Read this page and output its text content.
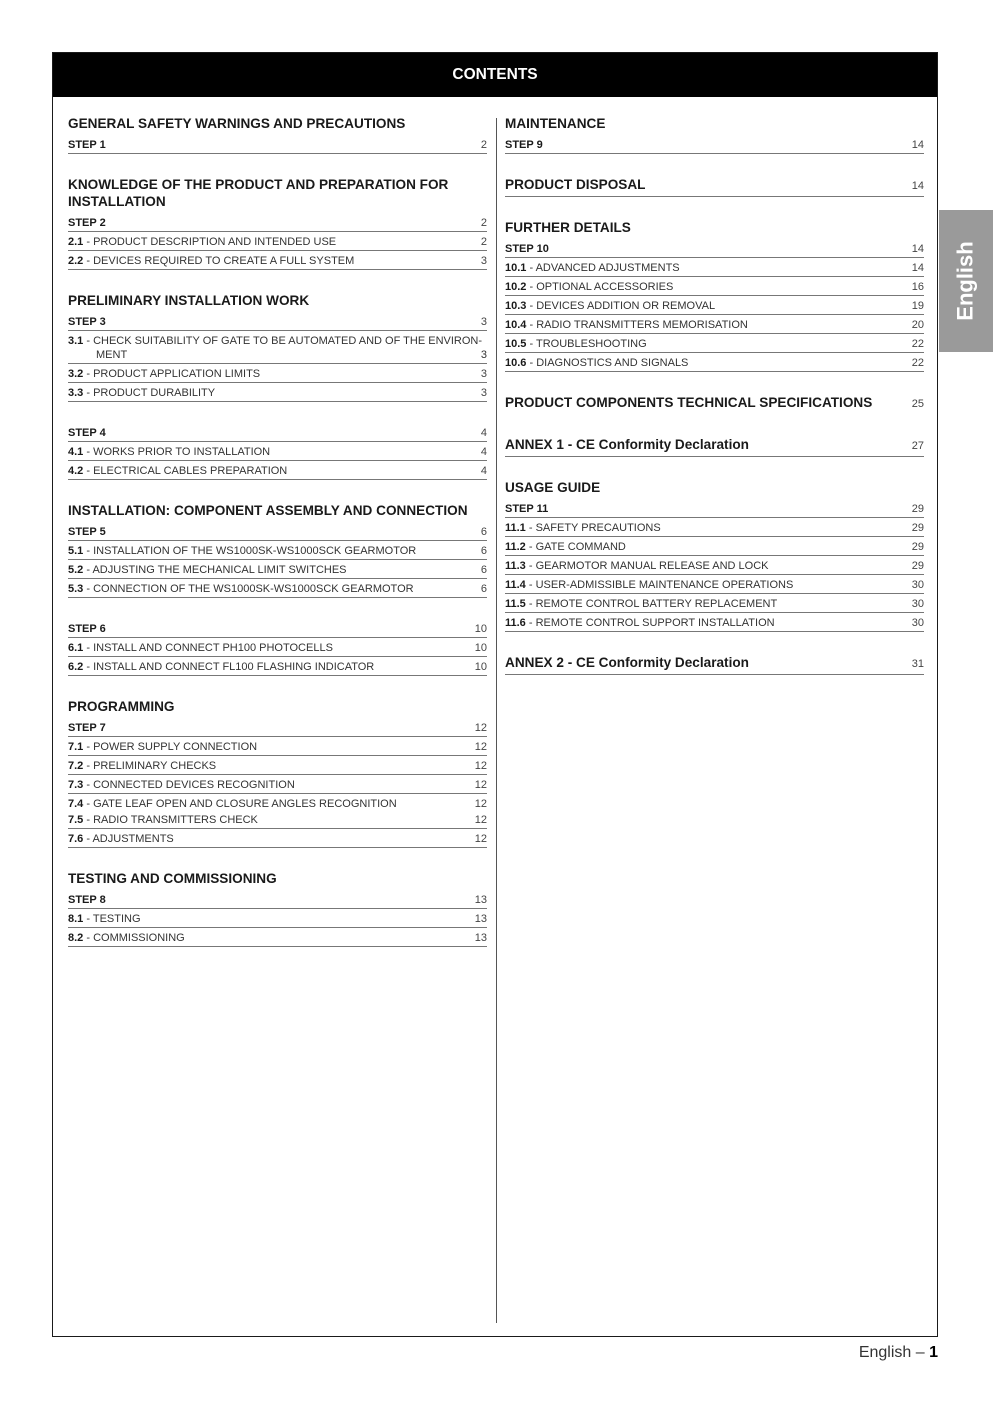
CONTENTS
GENERAL SAFETY WARNINGS AND PRECAUTIONS
STEP 1	2
KNOWLEDGE OF THE PRODUCT AND PREPARATION FOR INSTALLATION
STEP 2	2
2.1 - PRODUCT DESCRIPTION AND INTENDED USE	2
2.2 - DEVICES REQUIRED TO CREATE A FULL SYSTEM	3
PRELIMINARY INSTALLATION WORK
STEP 3	3
3.1 - CHECK SUITABILITY OF GATE TO BE AUTOMATED AND OF THE ENVIRON-
MENT	3
3.2 - PRODUCT APPLICATION LIMITS	3
3.3 - PRODUCT DURABILITY	3
STEP 4	4
4.1 - WORKS PRIOR TO INSTALLATION	4
4.2 - ELECTRICAL CABLES PREPARATION	4
INSTALLATION: COMPONENT ASSEMBLY AND CONNECTION
STEP 5	6
5.1 - INSTALLATION OF THE WS1000SK-WS1000SCK GEARMOTOR	6
5.2 - ADJUSTING THE MECHANICAL LIMIT SWITCHES	6
5.3 - CONNECTION OF THE WS1000SK-WS1000SCK GEARMOTOR	6
STEP 6	10
6.1 - INSTALL AND CONNECT PH100 PHOTOCELLS	10
6.2 - INSTALL AND CONNECT FL100 FLASHING INDICATOR	10
PROGRAMMING
STEP 7	12
7.1 - POWER SUPPLY CONNECTION	12
7.2 - PRELIMINARY CHECKS	12
7.3 - CONNECTED DEVICES RECOGNITION	12
7.4 - GATE LEAF OPEN AND CLOSURE ANGLES RECOGNITION	12
7.5 - RADIO TRANSMITTERS CHECK	12
7.6 - ADJUSTMENTS	12
TESTING AND COMMISSIONING
STEP 8	13
8.1 - TESTING	13
8.2 - COMMISSIONING	13
MAINTENANCE
STEP 9	14
PRODUCT DISPOSAL	14
FURTHER DETAILS
STEP 10	14
10.1 - ADVANCED ADJUSTMENTS	14
10.2 - OPTIONAL ACCESSORIES	16
10.3 - DEVICES ADDITION OR REMOVAL	19
10.4 - RADIO TRANSMITTERS MEMORISATION	20
10.5 - TROUBLESHOOTING	22
10.6 - DIAGNOSTICS AND SIGNALS	22
PRODUCT COMPONENTS TECHNICAL SPECIFICATIONS	25
ANNEX 1 - CE Conformity Declaration	27
USAGE GUIDE
STEP 11	29
11.1 - SAFETY PRECAUTIONS	29
11.2 - GATE COMMAND	29
11.3 - GEARMOTOR MANUAL RELEASE AND LOCK	29
11.4 - USER-ADMISSIBLE MAINTENANCE OPERATIONS	30
11.5 - REMOTE CONTROL BATTERY REPLACEMENT	30
11.6 - REMOTE CONTROL SUPPORT INSTALLATION	30
ANNEX 2 - CE Conformity Declaration	31
English
English – 1
